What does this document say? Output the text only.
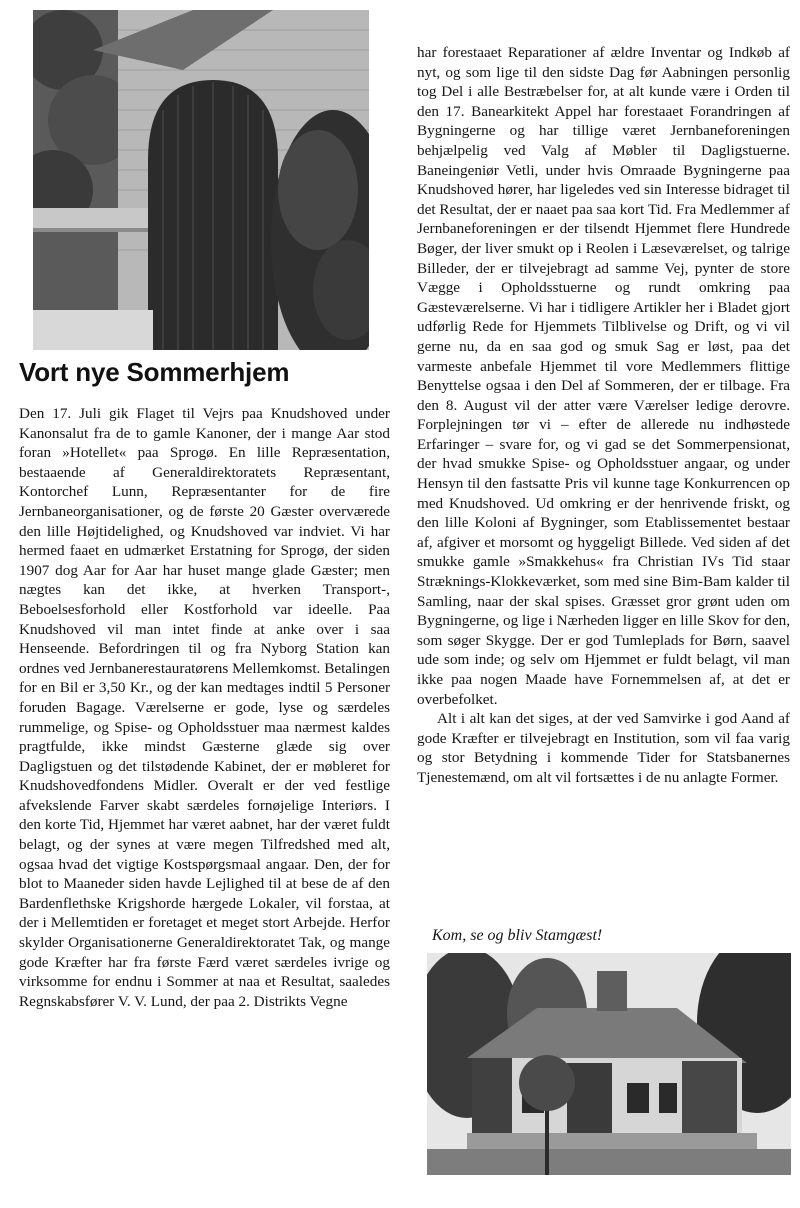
Vort nye Sommerhjem

Den 17. Juli gik Flaget til Vejrs paa Knudshoved under Kanonsalut fra de to gamle Kanoner, der i mange Aar stod foran »Hotellet« paa Sprogø. En lille Repræsentation, bestaaende af Generaldirektoratets Repræsentant, Kontorchef Lunn, Repræsentanter for de fire Jernbaneorganisationer, og de første 20 Gæster overværede den lille Højtidelighed, og Knudshoved var indviet. Vi har hermed faaet en udmærket Erstatning for Sprogø, der siden 1907 dog Aar for Aar har huset mange glade Gæster; men nægtes kan det ikke, at hverken Transport-, Beboelsesforhold eller Kostforhold var ideelle. Paa Knudshoved vil man intet finde at anke over i saa Henseende. Befordringen til og fra Nyborg Station kan ordnes ved Jernbanerestauratørens Mellemkomst. Betalingen for en Bil er 3,50 Kr., og der kan medtages indtil 5 Personer foruden Bagage. Værelserne er gode, lyse og særdeles rummelige, og Spise- og Opholdsstuer maa nærmest kaldes pragtfulde, ikke mindst Gæsterne glæde sig over Dagligstuen og det tilstødende Kabinet, der er møbleret for Knudshovedfondens Midler. Overalt er der ved festlige afvekslende Farver skabt særdeles fornøjelige Interiørs. I den korte Tid, Hjemmet har været aabnet, har der været fuldt belagt, og der synes at være megen Tilfredshed med alt, ogsaa hvad det vigtige Kostspørgsmaal angaar. Den, der for blot to Maaneder siden havde Lejlighed til at bese de af den Bardenflethske Krigshorde hærgede Lokaler, vil forstaa, at der i Mellemtiden er foretaget et meget stort Arbejde. Herfor skylder Organisationerne Generaldirektoratet Tak, og mange gode Kræfter har fra første Færd været særdeles ivrige og virksomme for endnu i Sommer at naa et Resultat, saaledes Regnskabsfører V. V. Lund, der paa 2. Distrikts Vegne

har forestaaet Reparationer af ældre Inventar og Indkøb af nyt, og som lige til den sidste Dag før Aabningen personlig tog Del i alle Bestræbelser for, at alt kunde være i Orden til den 17. Banearkitekt Appel har forestaaet Forandringen af Bygningerne og har tillige været Jernbaneforeningen behjælpelig ved Valg af Møbler til Dagligstuerne. Baneingeniør Vetli, under hvis Omraade Bygningerne paa Knudshoved hører, har ligeledes ved sin Interesse bidraget til det Resultat, der er naaet paa saa kort Tid. Fra Medlemmer af Jernbaneforeningen er der tilsendt Hjemmet flere Hundrede Bøger, der liver smukt op i Reolen i Læseværelset, og talrige Billeder, der er tilvejebragt ad samme Vej, pynter de store Vægge i Opholdsstuerne og rundt omkring paa Gæsteværelserne. Vi har i tidligere Artikler her i Bladet gjort udførlig Rede for Hjemmets Tilblivelse og Drift, og vi vil gerne nu, da en saa god og smuk Sag er løst, paa det varmeste anbefale Hjemmet til vore Medlemmers flittige Benyttelse ogsaa i den Del af Sommeren, der er tilbage. Fra den 8. August vil der atter være Værelser ledige derovre. Forplejningen tør vi – efter de allerede nu indhøstede Erfaringer – svare for, og vi gad se det Sommerpensionat, der hvad smukke Spise- og Opholdsstuer angaar, og under Hensyn til den fastsatte Pris vil kunne tage Konkurrencen op med Knudshoved. Ud omkring er der henrivende friskt, og den lille Koloni af Bygninger, som Etablissementet bestaar af, afgiver et morsomt og hyggeligt Billede. Ved siden af det smukke gamle »Smakkehus« fra Christian IVs Tid staar Stræknings-Klokkeværket, som med sine Bim-Bam kalder til Samling, naar der skal spises. Græsset gror grønt uden om Bygningerne, og lige i Nærheden ligger en lille Skov for den, som søger Skygge. Der er god Tumleplads for Børn, saavel ude som inde; og selv om Hjemmet er fuldt belagt, vil man ikke paa nogen Maade have Fornemmelsen af, at det er overbefolket.

Alt i alt kan det siges, at der ved Samvirke i god Aand af gode Kræfter er tilvejebragt en Institution, som vil faa varig og stor Betydning i kommende Tider for Statsbanernes Tjenestemænd, om alt vil fortsættes i de nu anlagte Former.

Kom, se og bliv Stamgæst!
